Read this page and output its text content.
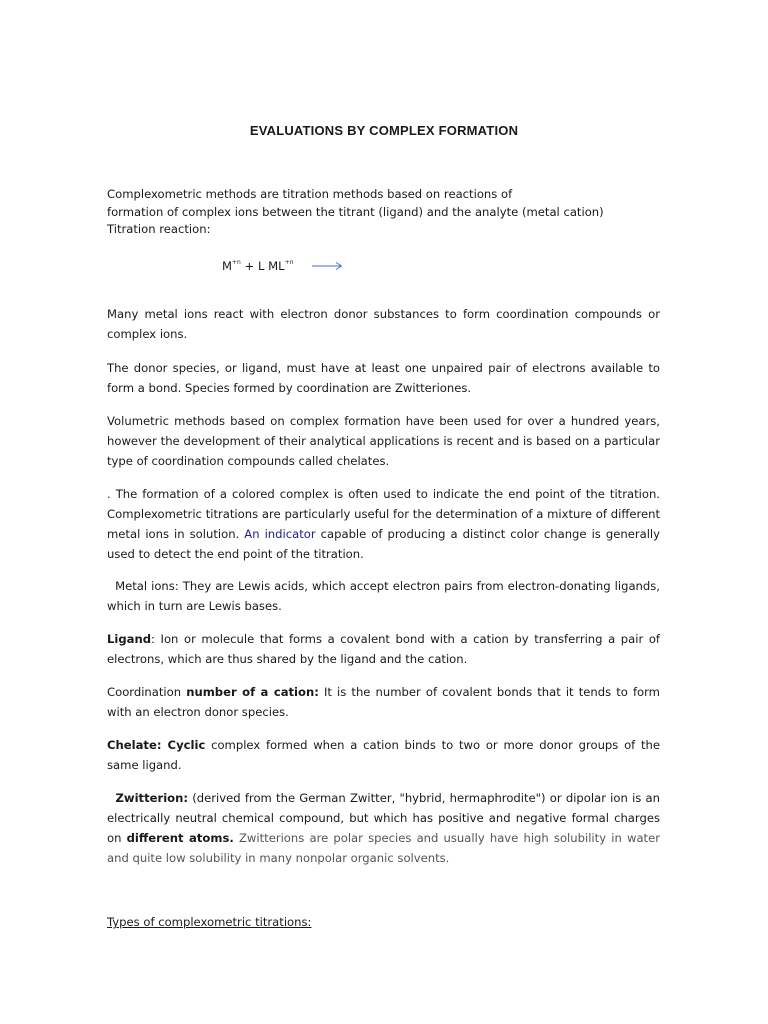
EVALUATIONS BY COMPLEX FORMATION
Complexometric methods are titration methods based on reactions of
formation of complex ions between the titrant (ligand) and the analyte (metal cation)
Titration reaction:
$M^{+n} + L$ $ML^{+n}$ →

Many metal ions react with electron donor substances to form coordination compounds or complex ions.

The donor species, or ligand, must have at least one unpaired pair of electrons available to form a bond. Species formed by coordination are Zwitteriones.

Volumetric methods based on complex formation have been used for over a hundred years, however the development of their analytical applications is recent and is based on a particular type of coordination compounds called chelates.

. The formation of a colored complex is often used to indicate the end point of the titration. Complexometric titrations are particularly useful for the determination of a mixture of different metal ions in solution. An indicator capable of producing a distinct color change is generally used to detect the end point of the titration.

Metal ions: They are Lewis acids, which accept electron pairs from electron-donating ligands, which in turn are Lewis bases.

Ligand: Ion or molecule that forms a covalent bond with a cation by transferring a pair of electrons, which are thus shared by the ligand and the cation.

Coordination number of a cation: It is the number of covalent bonds that it tends to form with an electron donor species.

Chelate: Cyclic complex formed when a cation binds to two or more donor groups of the same ligand.

Zwitterion: (derived from the German Zwitter, "hybrid, hermaphrodite") or dipolar ion is an electrically neutral chemical compound, but which has positive and negative formal charges on different atoms. Zwitterions are polar species and usually have high solubility in water and quite low solubility in many nonpolar organic solvents.

Types of complexometric titrations:
